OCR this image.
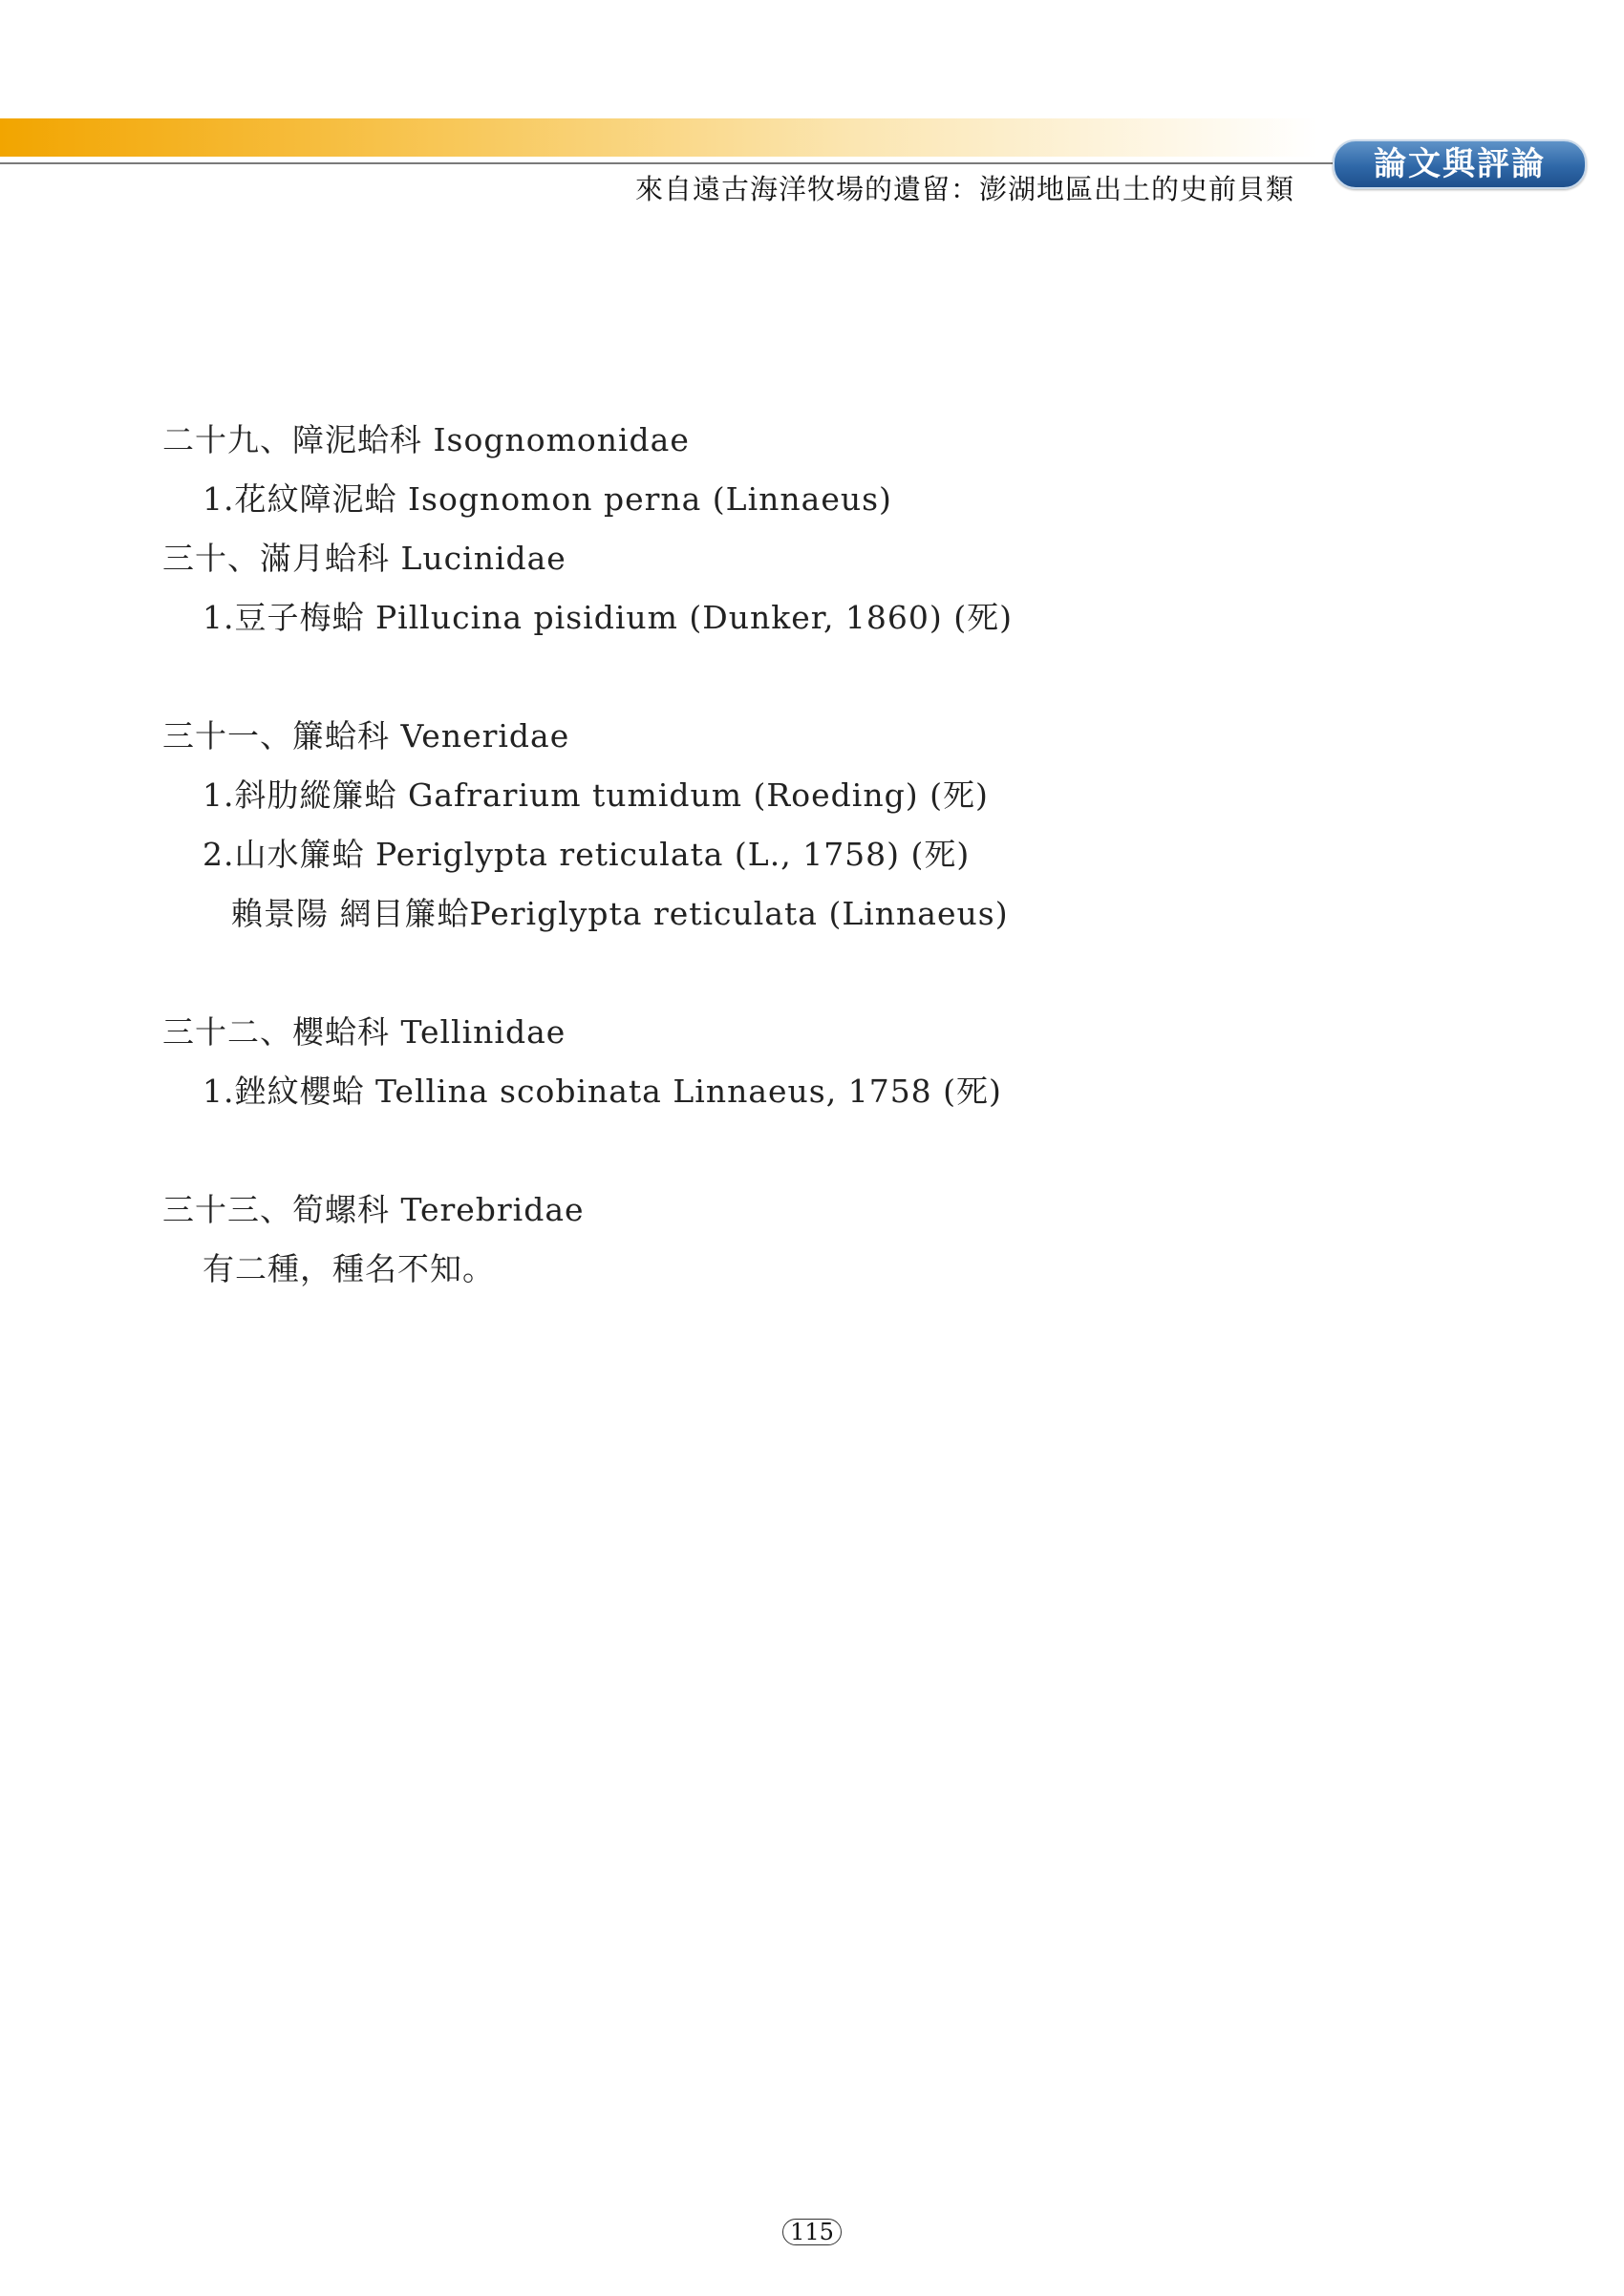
來自遠古海洋牧場的遺留：澎湖地區出土的史前貝類
論文與評論
二十九、障泥蛤科 Isognomonidae
1.花紋障泥蛤 Isognomon perna (Linnaeus)
三十、滿月蛤科 Lucinidae
1.豆子梅蛤 Pillucina pisidium (Dunker, 1860) (死)
三十一、簾蛤科 Veneridae
1.斜肋縱簾蛤 Gafrarium tumidum (Roeding) (死)
2.山水簾蛤 Periglypta reticulata (L., 1758) (死)
賴景陽 網目簾蛤Periglypta reticulata (Linnaeus)
三十二、櫻蛤科 Tellinidae
1.銼紋櫻蛤 Tellina scobinata Linnaeus, 1758 (死)
三十三、筍螺科 Terebridae
有二種，種名不知。
115
